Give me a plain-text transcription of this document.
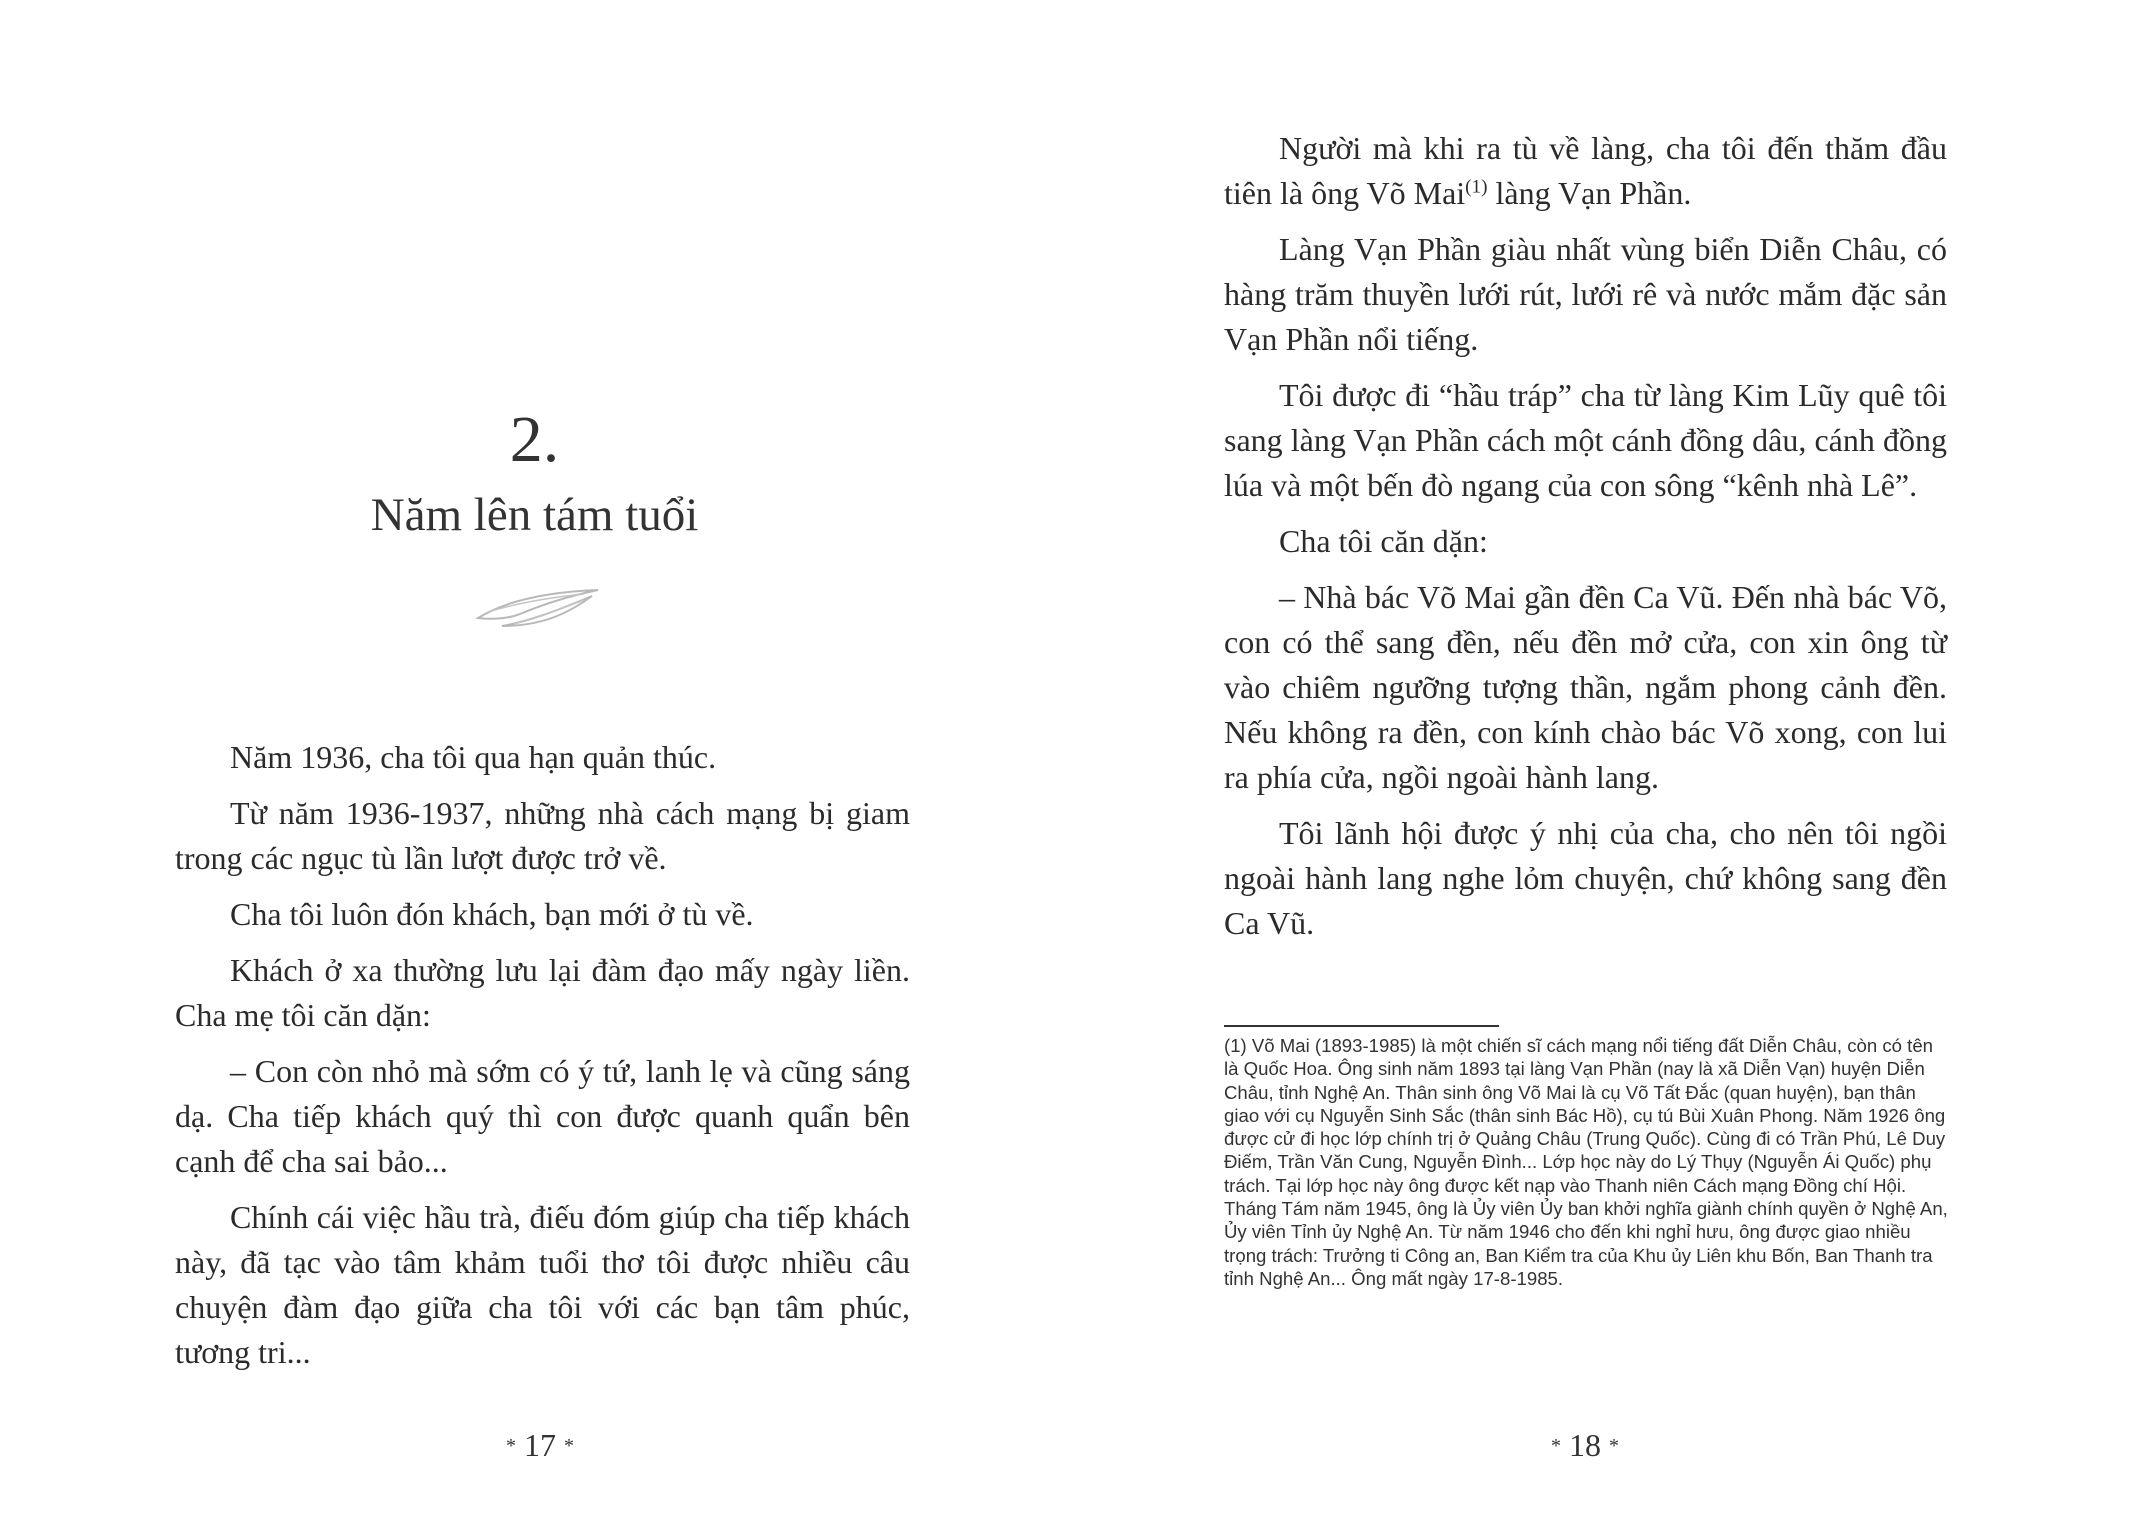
2.
Năm lên tám tuổi

Năm 1936, cha tôi qua hạn quản thúc.

Từ năm 1936-1937, những nhà cách mạng bị giam trong các ngục tù lần lượt được trở về.

Cha tôi luôn đón khách, bạn mới ở tù về.

Khách ở xa thường lưu lại đàm đạo mấy ngày liền. Cha mẹ tôi căn dặn:

– Con còn nhỏ mà sớm có ý tứ, lanh lẹ và cũng sáng dạ. Cha tiếp khách quý thì con được quanh quẩn bên cạnh để cha sai bảo...

Chính cái việc hầu trà, điếu đóm giúp cha tiếp khách này, đã tạc vào tâm khảm tuổi thơ tôi được nhiều câu chuyện đàm đạo giữa cha tôi với các bạn tâm phúc, tương tri...

* 17 *

Người mà khi ra tù về làng, cha tôi đến thăm đầu tiên là ông Võ Mai$^{(1)}$ làng Vạn Phần.

Làng Vạn Phần giàu nhất vùng biển Diễn Châu, có hàng trăm thuyền lưới rút, lưới rê và nước mắm đặc sản Vạn Phần nổi tiếng.

Tôi được đi “hầu tráp” cha từ làng Kim Lũy quê tôi sang làng Vạn Phần cách một cánh đồng dâu, cánh đồng lúa và một bến đò ngang của con sông “kênh nhà Lê”.

Cha tôi căn dặn:

– Nhà bác Võ Mai gần đền Ca Vũ. Đến nhà bác Võ, con có thể sang đền, nếu đền mở cửa, con xin ông từ vào chiêm ngưỡng tượng thần, ngắm phong cảnh đền. Nếu không ra đền, con kính chào bác Võ xong, con lui ra phía cửa, ngồi ngoài hành lang.

Tôi lãnh hội được ý nhị của cha, cho nên tôi ngồi ngoài hành lang nghe lỏm chuyện, chứ không sang đền Ca Vũ.

(1) Võ Mai (1893-1985) là một chiến sĩ cách mạng nổi tiếng đất Diễn Châu, còn có tên là Quốc Hoa. Ông sinh năm 1893 tại làng Vạn Phần (nay là xã Diễn Vạn) huyện Diễn Châu, tỉnh Nghệ An. Thân sinh ông Võ Mai là cụ Võ Tất Đắc (quan huyện), bạn thân giao với cụ Nguyễn Sinh Sắc (thân sinh Bác Hồ), cụ tú Bùi Xuân Phong. Năm 1926 ông được cử đi học lớp chính trị ở Quảng Châu (Trung Quốc). Cùng đi có Trần Phú, Lê Duy Điếm, Trần Văn Cung, Nguyễn Đình... Lớp học này do Lý Thụy (Nguyễn Ái Quốc) phụ trách. Tại lớp học này ông được kết nạp vào Thanh niên Cách mạng Đồng chí Hội. Tháng Tám năm 1945, ông là Ủy viên Ủy ban khởi nghĩa giành chính quyền ở Nghệ An, Ủy viên Tỉnh ủy Nghệ An. Từ năm 1946 cho đến khi nghỉ hưu, ông được giao nhiều trọng trách: Trưởng ti Công an, Ban Kiểm tra của Khu ủy Liên khu Bốn, Ban Thanh tra tỉnh Nghệ An... Ông mất ngày 17-8-1985.
* 18 *
